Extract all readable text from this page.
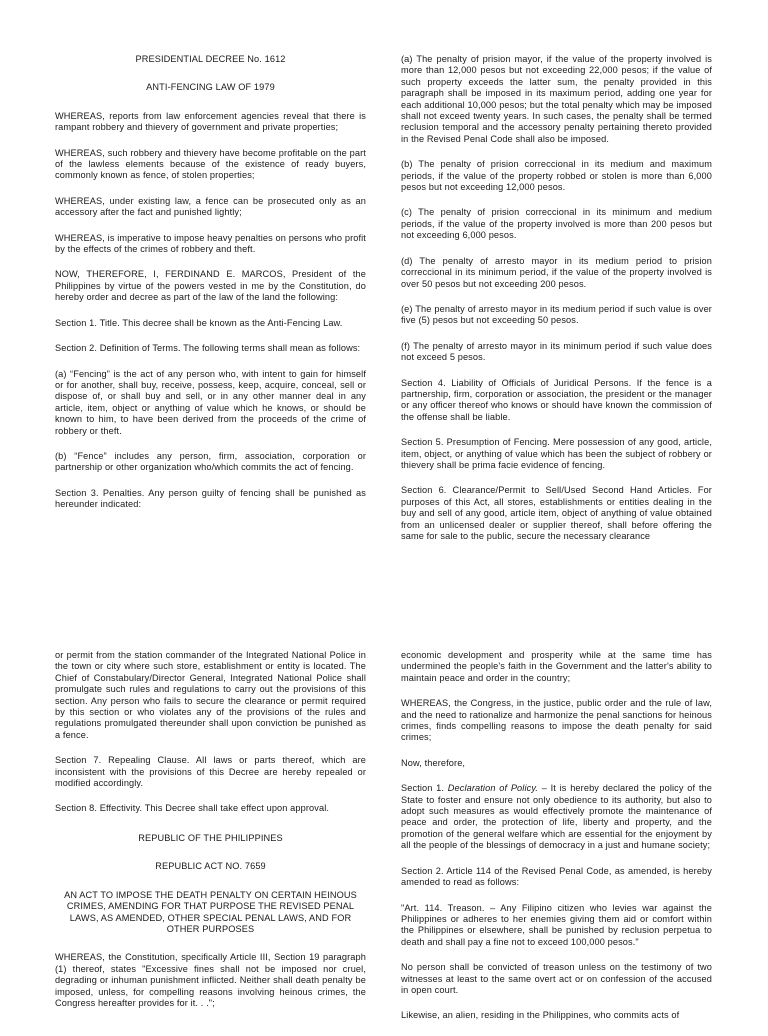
PRESIDENTIAL DECREE No. 1612

ANTI-FENCING LAW OF 1979

WHEREAS, reports from law enforcement agencies reveal that there is rampant robbery and thievery of government and private properties;

WHEREAS, such robbery and thievery have become profitable on the part of the lawless elements because of the existence of ready buyers, commonly known as fence, of stolen properties;

WHEREAS, under existing law, a fence can be prosecuted only as an accessory after the fact and punished lightly;

WHEREAS, is imperative to impose heavy penalties on persons who profit by the effects of the crimes of robbery and theft.

NOW, THEREFORE, I, FERDINAND E. MARCOS, President of the Philippines by virtue of the powers vested in me by the Constitution, do hereby order and decree as part of the law of the land the following:

Section 1. Title. This decree shall be known as the Anti-Fencing Law.

Section 2. Definition of Terms. The following terms shall mean as follows:

(a) “Fencing” is the act of any person who, with intent to gain for himself or for another, shall buy, receive, possess, keep, acquire, conceal, sell or dispose of, or shall buy and sell, or in any other manner deal in any article, item, object or anything of value which he knows, or should be known to him, to have been derived from the proceeds of the crime of robbery or theft.

(b) “Fence” includes any person, firm, association, corporation or partnership or other organization who/which commits the act of fencing.

Section 3. Penalties. Any person guilty of fencing shall be punished as hereunder indicated:

(a) The penalty of prision mayor, if the value of the property involved is more than 12,000 pesos but not exceeding 22,000 pesos; if the value of such property exceeds the latter sum, the penalty provided in this paragraph shall be imposed in its maximum period, adding one year for each additional 10,000 pesos; but the total penalty which may be imposed shall not exceed twenty years. In such cases, the penalty shall be termed reclusion temporal and the accessory penalty pertaining thereto provided in the Revised Penal Code shall also be imposed.

(b) The penalty of prision correccional in its medium and maximum periods, if the value of the property robbed or stolen is more than 6,000 pesos but not exceeding 12,000 pesos.

(c) The penalty of prision correccional in its minimum and medium periods, if the value of the property involved is more than 200 pesos but not exceeding 6,000 pesos.

(d) The penalty of arresto mayor in its medium period to prision correccional in its minimum period, if the value of the property involved is over 50 pesos but not exceeding 200 pesos.

(e) The penalty of arresto mayor in its medium period if such value is over five (5) pesos but not exceeding 50 pesos.

(f) The penalty of arresto mayor in its minimum period if such value does not exceed 5 pesos.

Section 4. Liability of Officials of Juridical Persons. If the fence is a partnership, firm, corporation or association, the president or the manager or any officer thereof who knows or should have known the commission of the offense shall be liable.

Section 5. Presumption of Fencing. Mere possession of any good, article, item, object, or anything of value which has been the subject of robbery or thievery shall be prima facie evidence of fencing.

Section 6. Clearance/Permit to Sell/Used Second Hand Articles. For purposes of this Act, all stores, establishments or entities dealing in the buy and sell of any good, article item, object of anything of value obtained from an unlicensed dealer or supplier thereof, shall before offering the same for sale to the public, secure the necessary clearance

or permit from the station commander of the Integrated National Police in the town or city where such store, establishment or entity is located. The Chief of Constabulary/Director General, Integrated National Police shall promulgate such rules and regulations to carry out the provisions of this section. Any person who fails to secure the clearance or permit required by this section or who violates any of the provisions of the rules and regulations promulgated thereunder shall upon conviction be punished as a fence.

Section 7. Repealing Clause. All laws or parts thereof, which are inconsistent with the provisions of this Decree are hereby repealed or modified accordingly.

Section 8. Effectivity. This Decree shall take effect upon approval.

REPUBLIC OF THE PHILIPPINES

REPUBLIC ACT NO. 7659

AN ACT TO IMPOSE THE DEATH PENALTY ON CERTAIN HEINOUS CRIMES, AMENDING FOR THAT PURPOSE THE REVISED PENAL LAWS, AS AMENDED, OTHER SPECIAL PENAL LAWS, AND FOR OTHER PURPOSES

WHEREAS, the Constitution, specifically Article III, Section 19 paragraph (1) thereof, states "Excessive fines shall not be imposed nor cruel, degrading or inhuman punishment inflicted. Neither shall death penalty be imposed, unless, for compelling reasons involving heinous crimes, the Congress hereafter provides for it. . .";

economic development and prosperity while at the same time has undermined the people's faith in the Government and the latter's ability to maintain peace and order in the country;

WHEREAS, the Congress, in the justice, public order and the rule of law, and the need to rationalize and harmonize the penal sanctions for heinous crimes, finds compelling reasons to impose the death penalty for said crimes;

Now, therefore,

Section 1. Declaration of Policy. – It is hereby declared the policy of the State to foster and ensure not only obedience to its authority, but also to adopt such measures as would effectively promote the maintenance of peace and order, the protection of life, liberty and property, and the promotion of the general welfare which are essential for the enjoyment by all the people of the blessings of democracy in a just and humane society;

Section 2. Article 114 of the Revised Penal Code, as amended, is hereby amended to read as follows:

"Art. 114. Treason. – Any Filipino citizen who levies war against the Philippines or adheres to her enemies giving them aid or comfort within the Philippines or elsewhere, shall be punished by reclusion perpetua to death and shall pay a fine not to exceed 100,000 pesos."

No person shall be convicted of treason unless on the testimony of two witnesses at least to the same overt act or on confession of the accused in open court.

Likewise, an alien, residing in the Philippines, who commits acts of
